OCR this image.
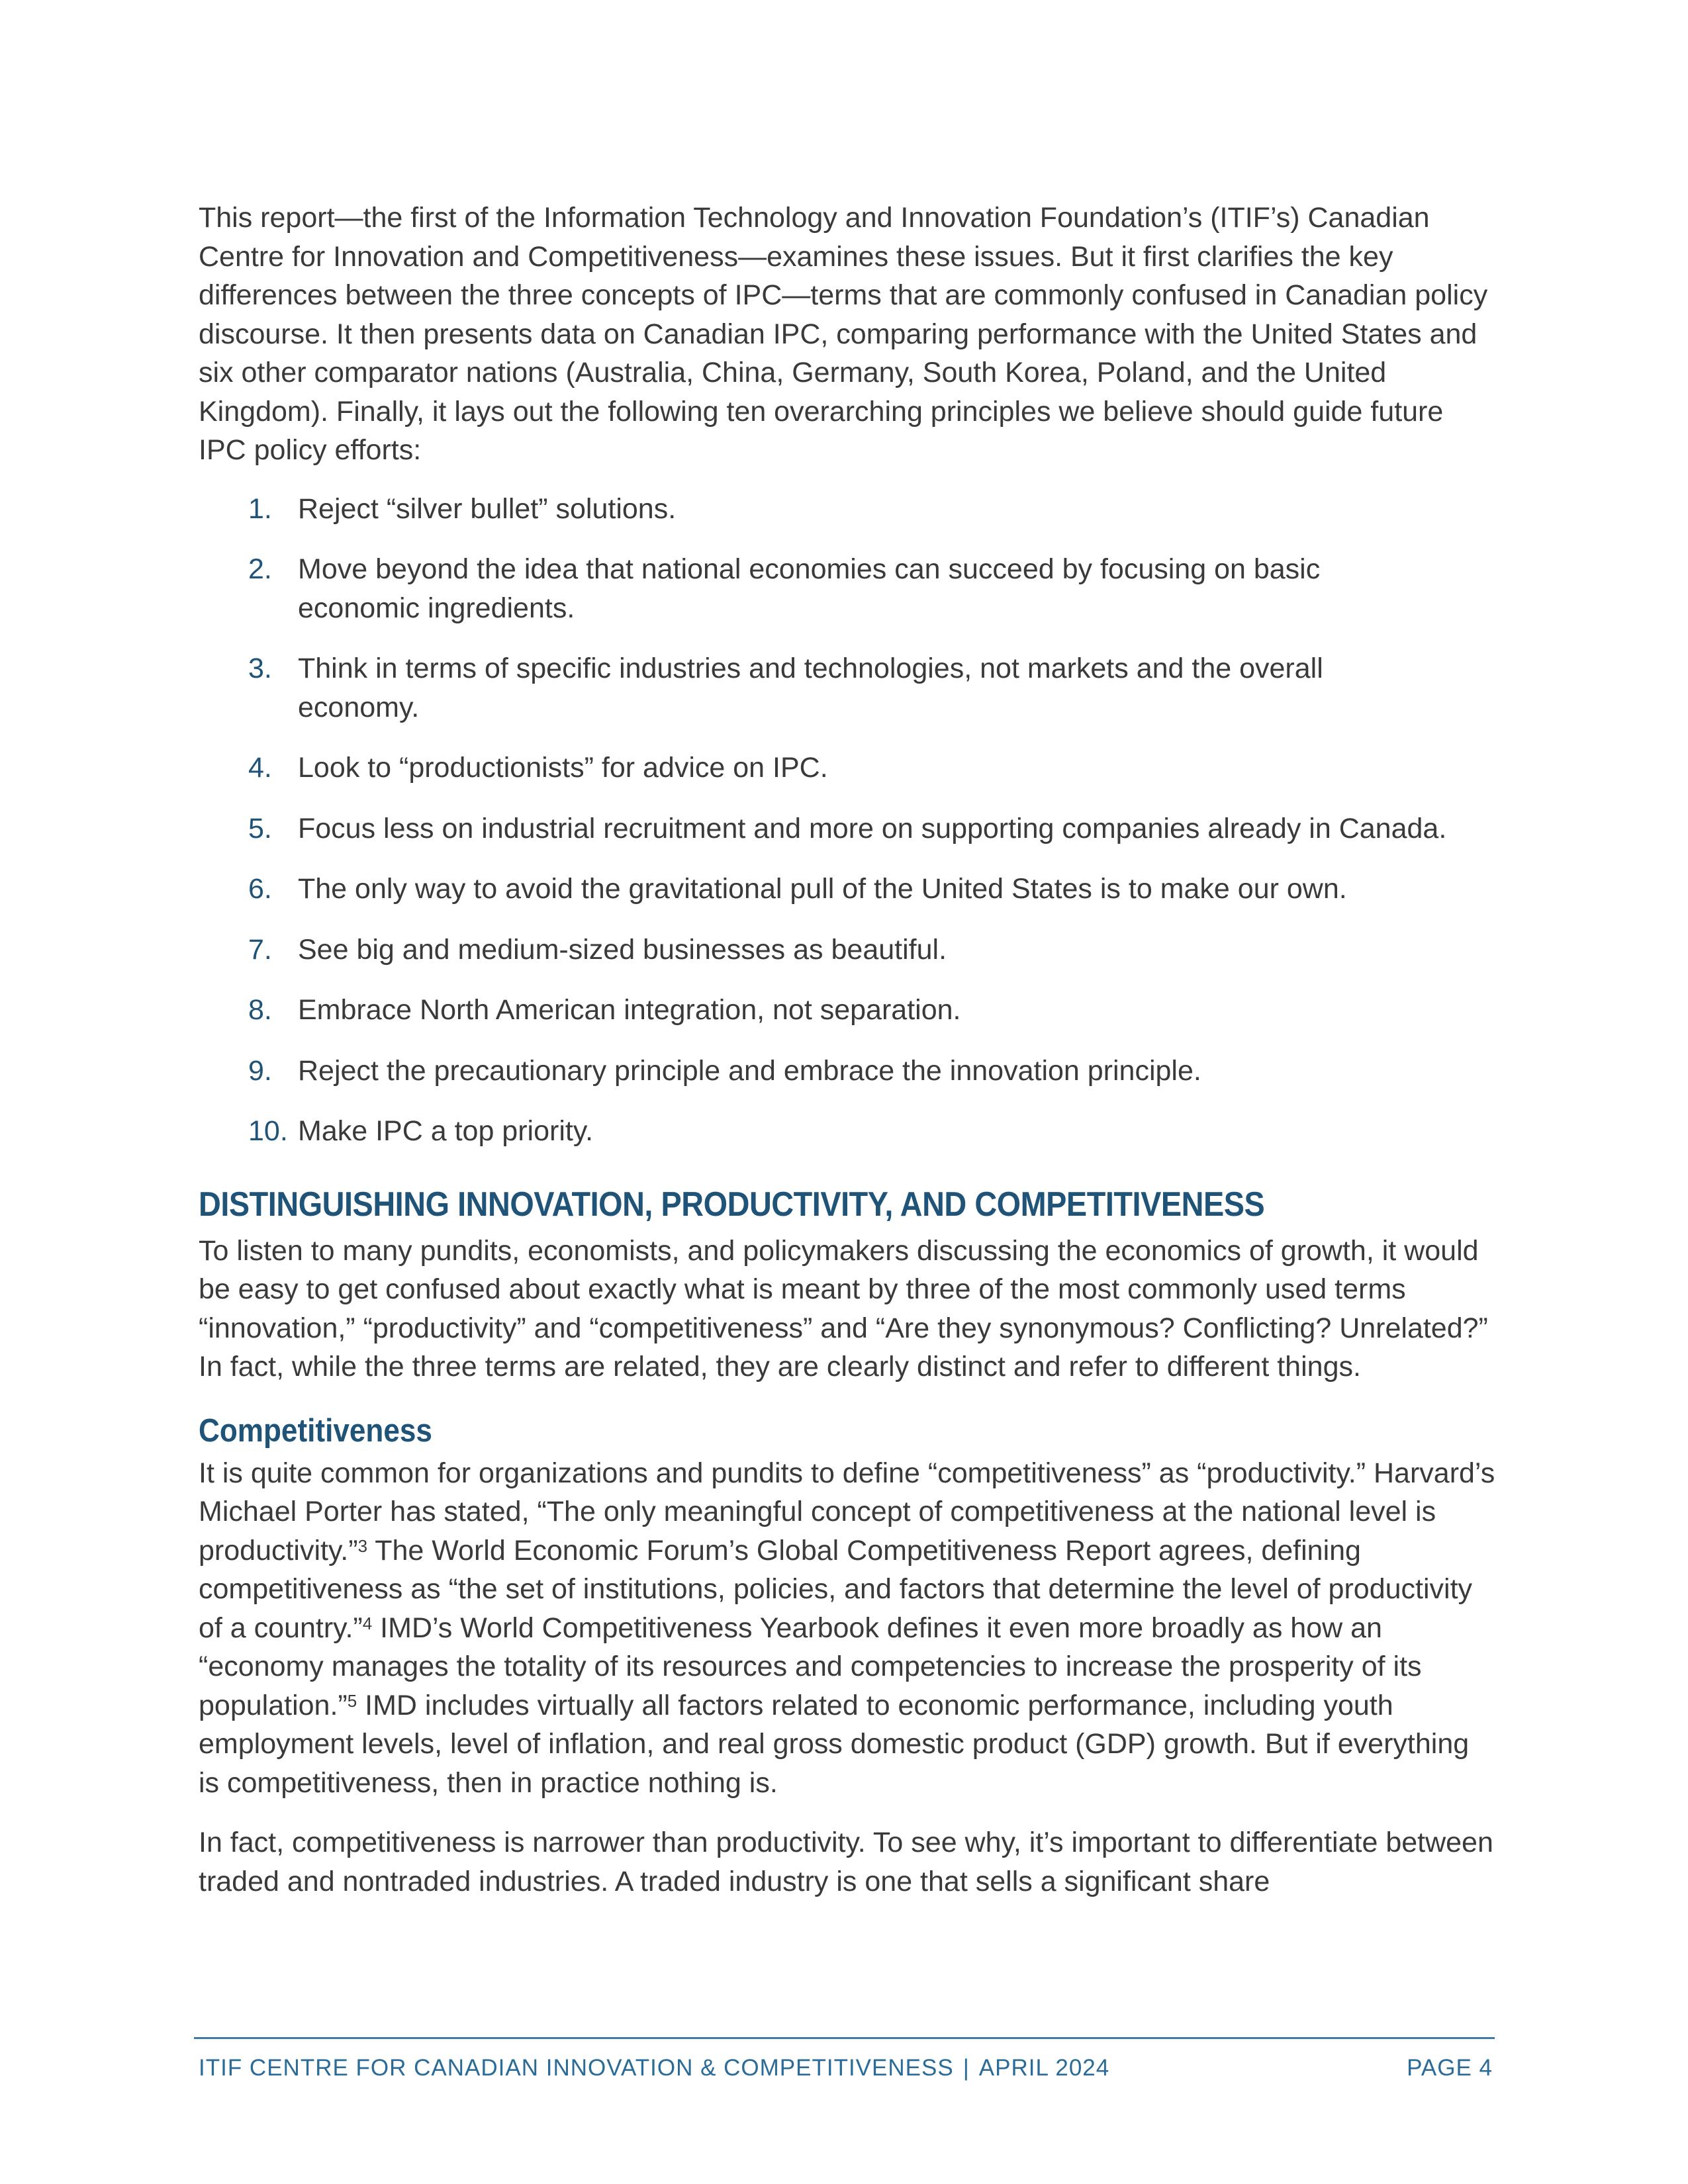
This report—the first of the Information Technology and Innovation Foundation’s (ITIF’s) Canadian Centre for Innovation and Competitiveness—examines these issues. But it first clarifies the key differences between the three concepts of IPC—terms that are commonly confused in Canadian policy discourse. It then presents data on Canadian IPC, comparing performance with the United States and six other comparator nations (Australia, China, Germany, South Korea, Poland, and the United Kingdom). Finally, it lays out the following ten overarching principles we believe should guide future IPC policy efforts:

1. Reject “silver bullet” solutions.
2. Move beyond the idea that national economies can succeed by focusing on basic economic ingredients.
3. Think in terms of specific industries and technologies, not markets and the overall economy.
4. Look to “productionists” for advice on IPC.
5. Focus less on industrial recruitment and more on supporting companies already in Canada.
6. The only way to avoid the gravitational pull of the United States is to make our own.
7. See big and medium-sized businesses as beautiful.
8. Embrace North American integration, not separation.
9. Reject the precautionary principle and embrace the innovation principle.
10. Make IPC a top priority.
DISTINGUISHING INNOVATION, PRODUCTIVITY, AND COMPETITIVENESS

To listen to many pundits, economists, and policymakers discussing the economics of growth, it would be easy to get confused about exactly what is meant by three of the most commonly used terms “innovation,” “productivity” and “competitiveness” and “Are they synonymous? Conflicting? Unrelated?” In fact, while the three terms are related, they are clearly distinct and refer to different things.

Competitiveness

It is quite common for organizations and pundits to define “competitiveness” as “productivity.” Harvard’s Michael Porter has stated, “The only meaningful concept of competitiveness at the national level is productivity.”$^3$ The World Economic Forum’s Global Competitiveness Report agrees, defining competitiveness as “the set of institutions, policies, and factors that determine the level of productivity of a country.”$^4$ IMD’s World Competitiveness Yearbook defines it even more broadly as how an “economy manages the totality of its resources and competencies to increase the prosperity of its population.”$^5$ IMD includes virtually all factors related to economic performance, including youth employment levels, level of inflation, and real gross domestic product (GDP) growth. But if everything is competitiveness, then in practice nothing is.

In fact, competitiveness is narrower than productivity. To see why, it’s important to differentiate between traded and nontraded industries. A traded industry is one that sells a significant share

ITIF CENTRE FOR CANADIAN INNOVATION & COMPETITIVENESS | APRIL 2024	PAGE 4
